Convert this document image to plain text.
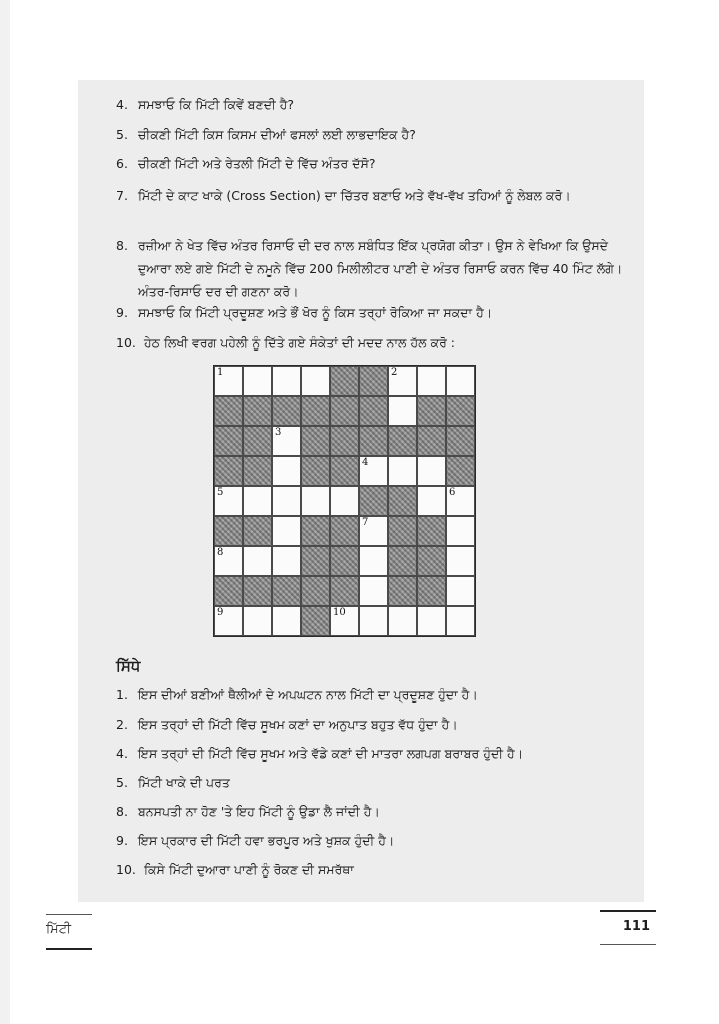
4. ਸਮਝਾਓ ਕਿ ਮਿੱਟੀ ਕਿਵੇਂ ਬਣਦੀ ਹੈ?
5. ਚੀਕਣੀ ਮਿੱਟੀ ਕਿਸ ਕਿਸਮ ਦੀਆਂ ਫਸਲਾਂ ਲਈ ਲਾਭਦਾਇਕ ਹੈ?
6. ਚੀਕਣੀ ਮਿੱਟੀ ਅਤੇ ਰੇਤਲੀ ਮਿੱਟੀ ਦੇ ਵਿੱਚ ਅੰਤਰ ਦੱਸੋ?
7. ਮਿੱਟੀ ਦੇ ਕਾਟ ਖਾਕੇ (Cross Section) ਦਾ ਚਿੱਤਰ ਬਣਾਓ ਅਤੇ ਵੱਖ-ਵੱਖ ਤਹਿਆਂ ਨੂੰ ਲੇਬਲ ਕਰੋ।
8. ਰਜ਼ੀਆ ਨੇ ਖੇਤ ਵਿੱਚ ਅੰਤਰ ਰਿਸਾਓ ਦੀ ਦਰ ਨਾਲ ਸਬੰਧਿਤ ਇੱਕ ਪ੍ਰਯੋਗ ਕੀਤਾ। ਉਸ ਨੇ ਵੇਖਿਆ ਕਿ ਉਸਦੇ ਦੁਆਰਾ ਲਏ ਗਏ ਮਿੱਟੀ ਦੇ ਨਮੂਨੇ ਵਿੱਚ 200 ਮਿਲੀਲੀਟਰ ਪਾਣੀ ਦੇ ਅੰਤਰ ਰਿਸਾਓ ਕਰਨ ਵਿੱਚ 40 ਮਿੰਟ ਲੱਗੇ। ਅੰਤਰ-ਰਿਸਾਓ ਦਰ ਦੀ ਗਣਨਾ ਕਰੋ।
9. ਸਮਝਾਓ ਕਿ ਮਿੱਟੀ ਪ੍ਰਦੂਸ਼ਣ ਅਤੇ ਭੌਂ ਖੋਰ ਨੂੰ ਕਿਸ ਤਰ੍ਹਾਂ ਰੋਕਿਆ ਜਾ ਸਕਦਾ ਹੈ।
10. ਹੇਠ ਲਿਖੀ ਵਰਗ ਪਹੇਲੀ ਨੂੰ ਦਿੱਤੇ ਗਏ ਸੰਕੇਤਾਂ ਦੀ ਮਦਦ ਨਾਲ ਹੱਲ ਕਰੋ :
1	2
3
4
5	6
7
8
9	10
ਸਿੱਧੇ
1. ਇਸ ਦੀਆਂ ਬਣੀਆਂ ਥੈਲੀਆਂ ਦੇ ਅਪਘਟਨ ਨਾਲ ਮਿੱਟੀ ਦਾ ਪ੍ਰਦੂਸ਼ਣ ਹੁੰਦਾ ਹੈ।
2. ਇਸ ਤਰ੍ਹਾਂ ਦੀ ਮਿੱਟੀ ਵਿੱਚ ਸੂਖਮ ਕਣਾਂ ਦਾ ਅਨੁਪਾਤ ਬਹੁਤ ਵੱਧ ਹੁੰਦਾ ਹੈ।
4. ਇਸ ਤਰ੍ਹਾਂ ਦੀ ਮਿੱਟੀ ਵਿੱਚ ਸੂਖਮ ਅਤੇ ਵੱਡੇ ਕਣਾਂ ਦੀ ਮਾਤਰਾ ਲਗਪਗ ਬਰਾਬਰ ਹੁੰਦੀ ਹੈ।
5. ਮਿੱਟੀ ਖਾਕੇ ਦੀ ਪਰਤ
8. ਬਨਸਪਤੀ ਨਾ ਹੋਣ 'ਤੇ ਇਹ ਮਿੱਟੀ ਨੂੰ ਉਡਾ ਲੈ ਜਾਂਦੀ ਹੈ।
9. ਇਸ ਪ੍ਰਕਾਰ ਦੀ ਮਿੱਟੀ ਹਵਾ ਭਰਪੂਰ ਅਤੇ ਖੁਸ਼ਕ ਹੁੰਦੀ ਹੈ।
10. ਕਿਸੇ ਮਿੱਟੀ ਦੁਆਰਾ ਪਾਣੀ ਨੂੰ ਰੋਕਣ ਦੀ ਸਮਰੱਥਾ
ਮਿੱਟੀ	111
